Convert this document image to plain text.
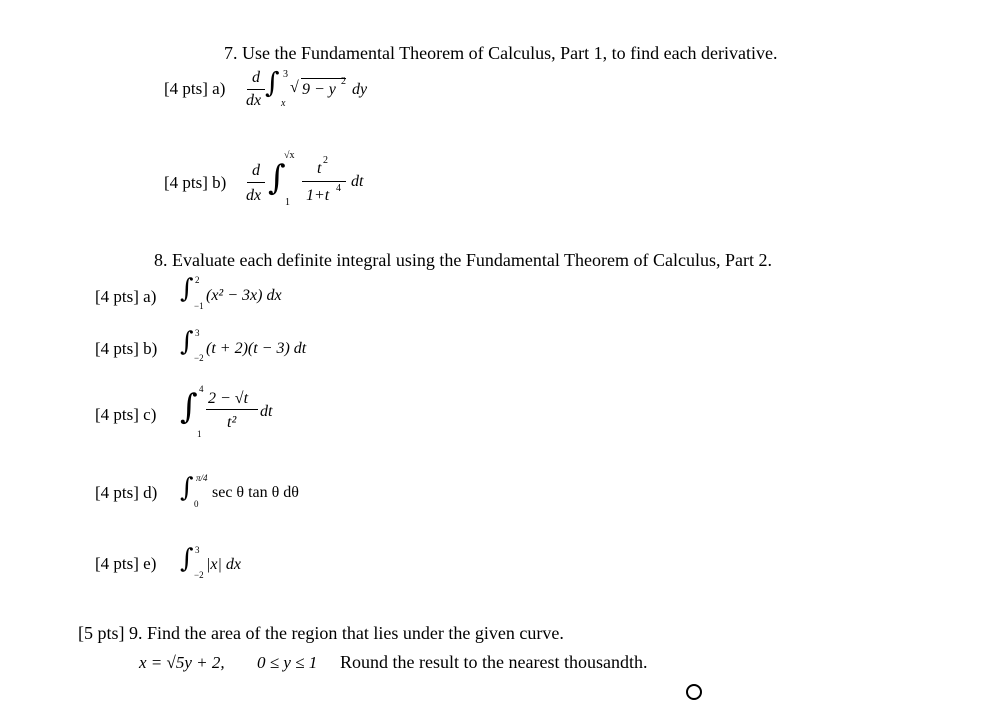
7. Use the Fundamental Theorem of Calculus, Part 1, to find each derivative.
[4 pts] a)
d
dx
∫ 3
x
√ 9 − y 2 dy
[4 pts] b)
d
dx ∫
√x
1
t 2
1+t 4 dt
8. Evaluate each definite integral using the Fundamental Theorem of Calculus, Part 2.
[4 pts] a) ∫ 2
−1
(x² − 3x) dx
[4 pts] b) ∫ 3
−2
(t + 2)(t − 3) dt
[4 pts] c) ∫ 4
1
2 − √t
t²
dt
[4 pts] d) ∫ π/4
0
sec θ tan θ dθ
[4 pts] e) ∫ 3
−2
|x| dx
[5 pts] 9. Find the area of the region that lies under the given curve.
x = √5y + 2, 0 ≤ y ≤ 1 Round the result to the nearest thousandth.
